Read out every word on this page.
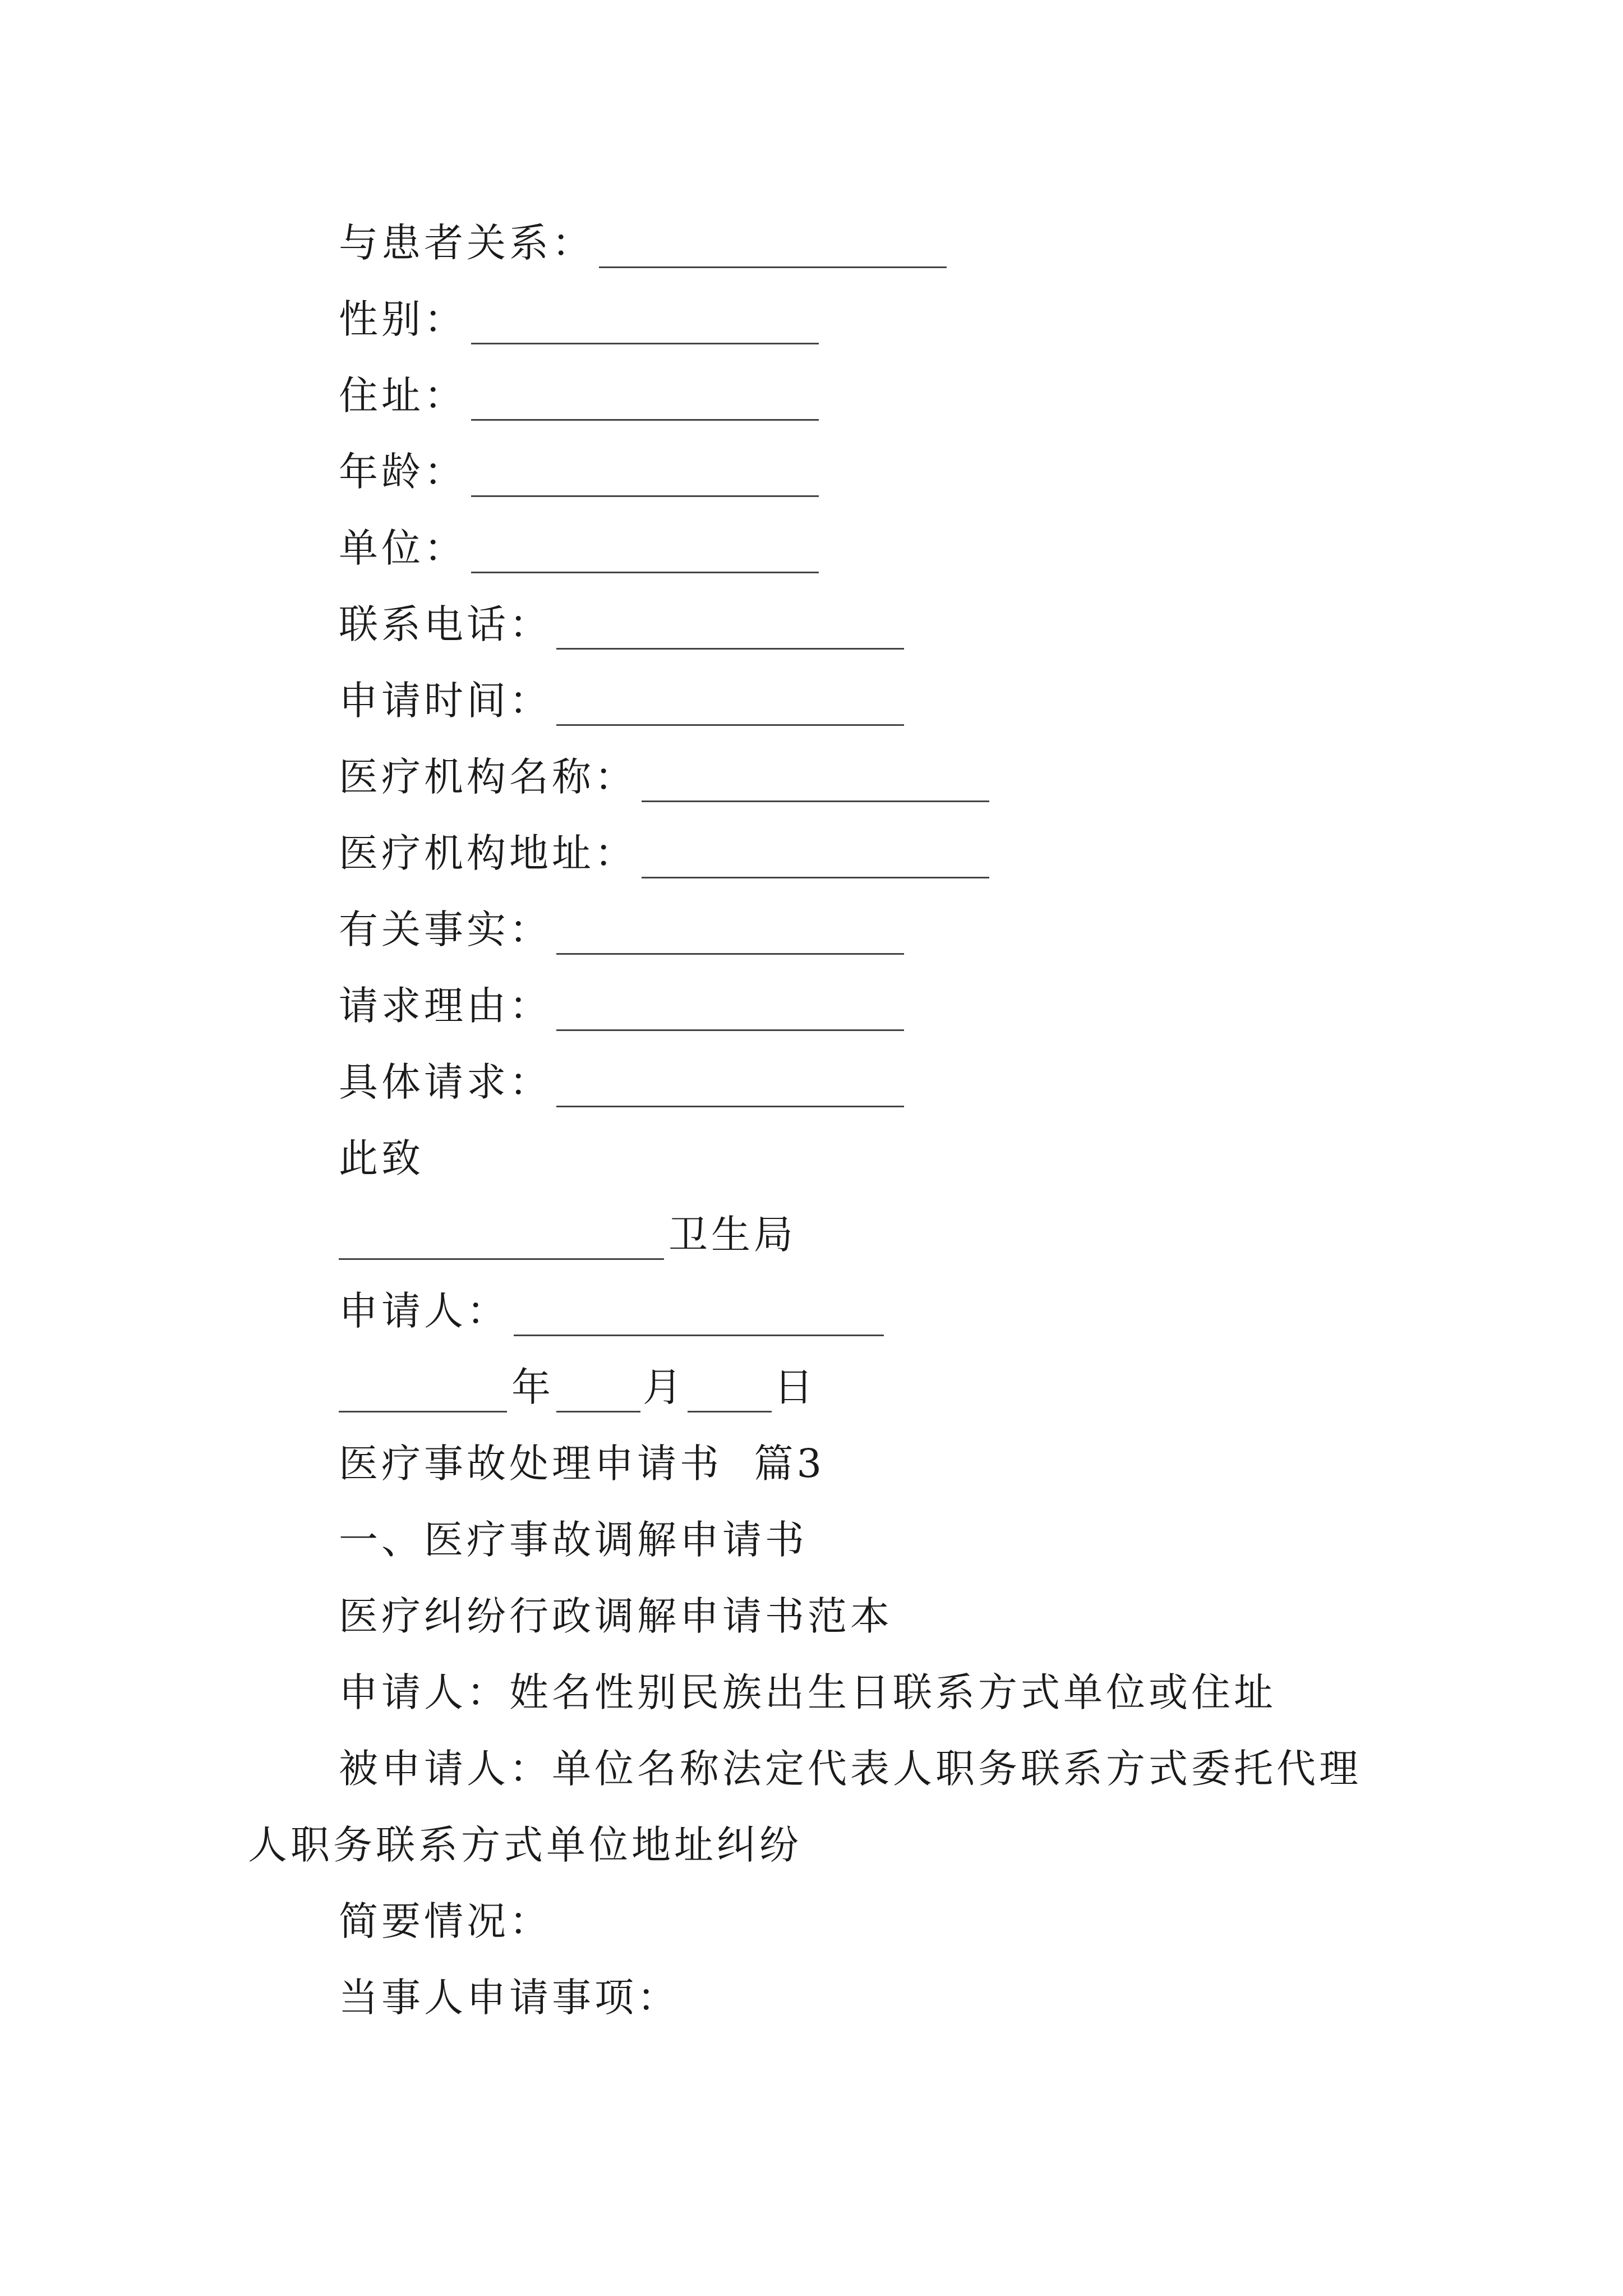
与患者关系：
性别：
住址：
年龄：
单位：
联系电话：
申请时间：
医疗机构名称：
医疗机构地址：
有关事实：
请求理由：
具体请求：
此致
卫生局
申请人：
年 月 日
医疗事故处理申请书  篇3
一、医疗事故调解申请书
医疗纠纷行政调解申请书范本
申请人：姓名性别民族出生日联系方式单位或住址
被申请人：单位名称法定代表人职务联系方式委托代理
人职务联系方式单位地址纠纷
简要情况：
当事人申请事项：
